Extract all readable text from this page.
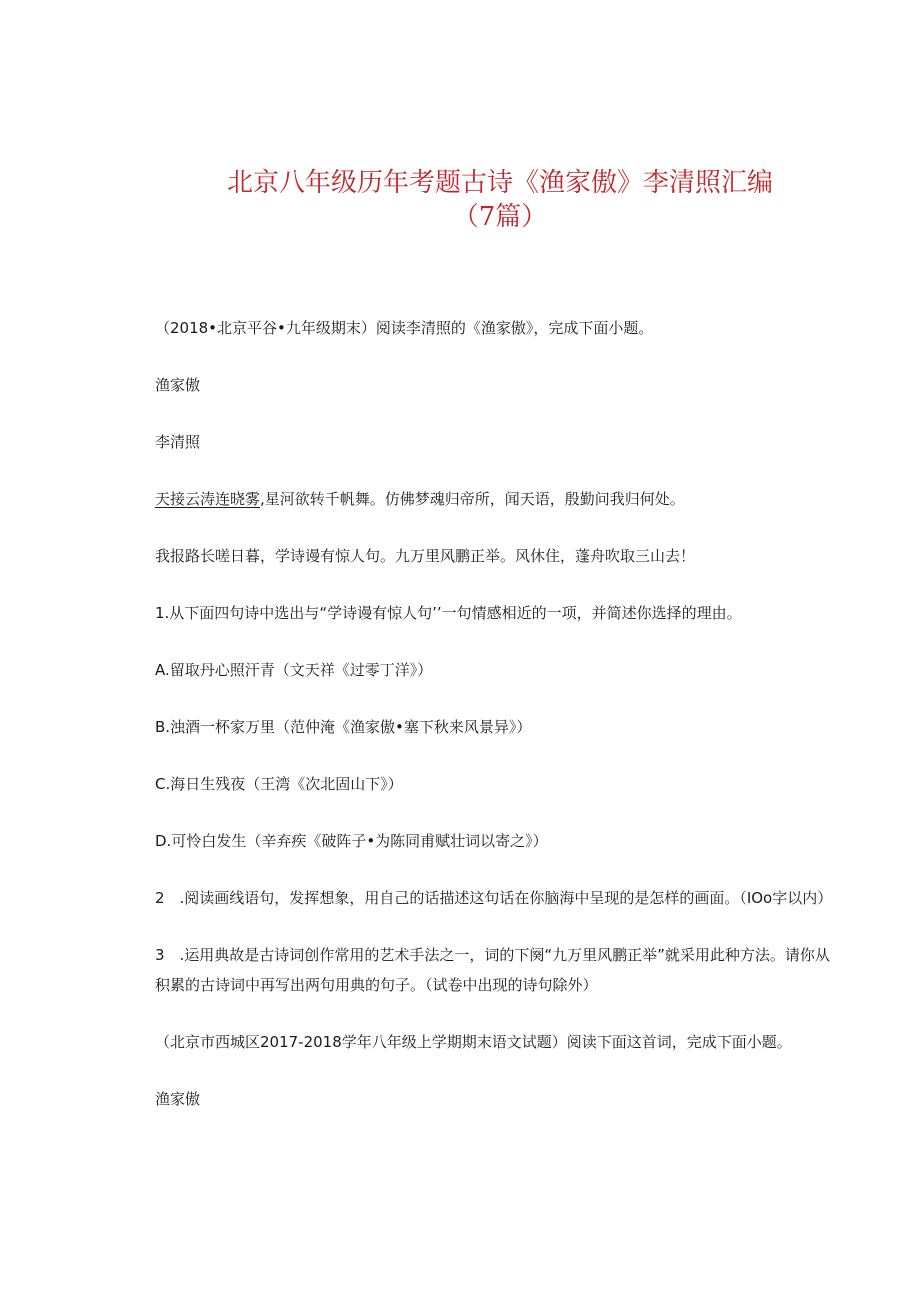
北京八年级历年考题古诗《渔家傲》李清照汇编
（7篇）
（2018•北京平谷•九年级期末）阅读李清照的《渔家傲》，完成下面小题。
渔家傲
李清照
天接云涛连晓雾,星河欲转千帆舞。仿佛梦魂归帝所，闻天语，殷勤问我归何处。
我报路长嗟日暮，学诗谩有惊人句。九万里风鹏正举。风休住，蓬舟吹取三山去！
1.从下面四句诗中选出与“学诗谩有惊人句’’一句情感相近的一项，并简述你选择的理由。
A.留取丹心照汗青（文天祥《过零丁洋》）
B.浊酒一杯家万里（范仲淹《渔家傲•塞下秋来风景异》）
C.海日生残夜（王湾《次北固山下》）
D.可怜白发生（辛弃疾《破阵子•为陈同甫赋壮词以寄之》）
2　.阅读画线语句，发挥想象，用自己的话描述这句话在你脑海中呈现的是怎样的画面。（IOo字以内）
3　.运用典故是古诗词创作常用的艺术手法之一，词的下阕“九万里风鹏正举”就采用此种方法。请你从
积累的古诗词中再写出两句用典的句子。（试卷中出现的诗句除外）
（北京市西城区2017-2018学年八年级上学期期末语文试题）阅读下面这首词，完成下面小题。
渔家傲
